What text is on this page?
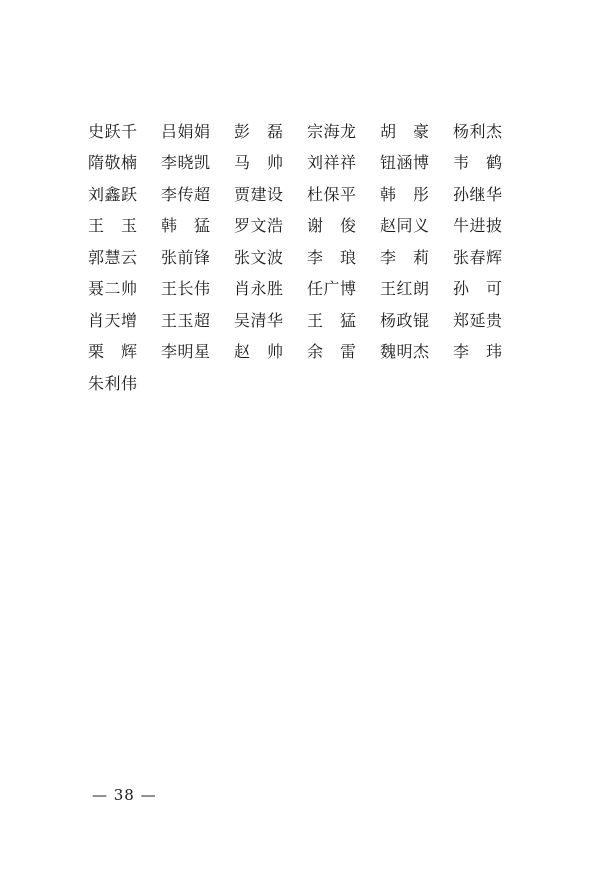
史跃千	吕娟娟	彭　磊	宗海龙	胡　豪	杨利杰
隋敬楠	李晓凯	马　帅	刘祥祥	钮涵博	韦　鹤
刘鑫跃	李传超	贾建设	杜保平	韩　彤	孙继华
王　玉	韩　猛	罗文浩	谢　俊	赵同义	牛进披
郭慧云	张前锋	张文波	李　琅	李　莉	张春辉
聂二帅	王长伟	肖永胜	任广博	王红朗	孙　可
肖天增	王玉超	吴清华	王　猛	杨政锟	郑延贵
栗　辉	李明星	赵　帅	余　雷	魏明杰	李　玮
朱利伟
— 38 —
